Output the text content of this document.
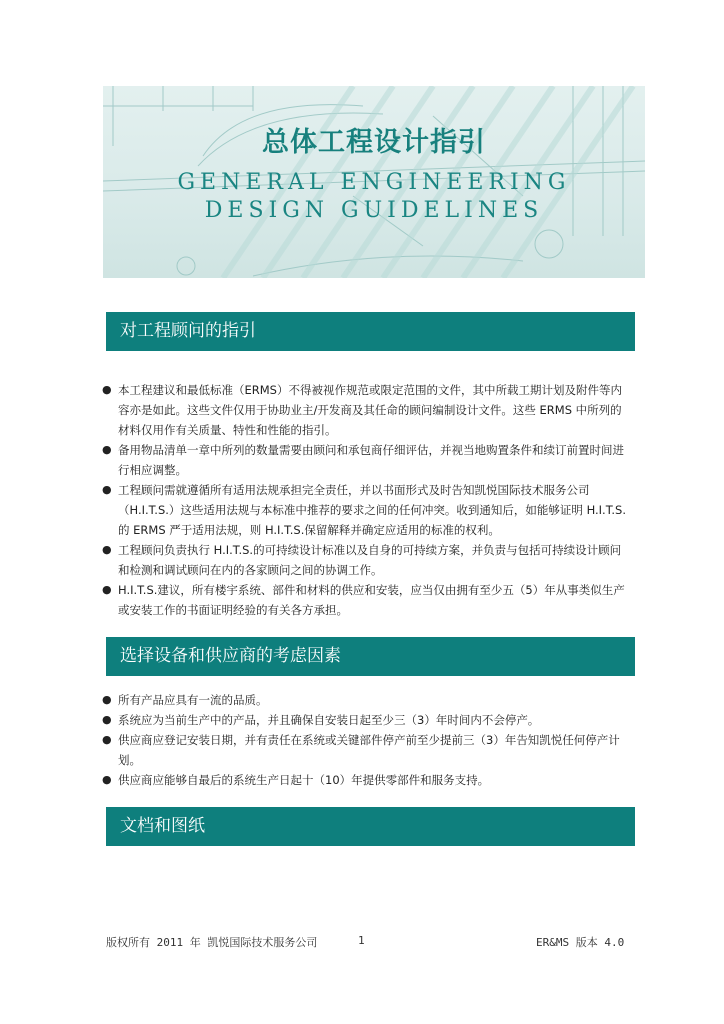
总体工程设计指引
GENERAL ENGINEERING
DESIGN GUIDELINES
对工程顾问的指引
● 本工程建议和最低标准（ERMS）不得被视作规范或限定范围的文件，其中所载工期计划及附件等内容亦是如此。这些文件仅用于协助业主/开发商及其任命的顾问编制设计文件。这些 ERMS 中所列的材料仅用作有关质量、特性和性能的指引。
● 备用物品清单一章中所列的数量需要由顾问和承包商仔细评估，并视当地购置条件和续订前置时间进行相应调整。
● 工程顾问需就遵循所有适用法规承担完全责任，并以书面形式及时告知凯悦国际技术服务公司（H.I.T.S.）这些适用法规与本标准中推荐的要求之间的任何冲突。收到通知后，如能够证明 H.I.T.S.的 ERMS 严于适用法规，则 H.I.T.S.保留解释并确定应适用的标准的权利。
● 工程顾问负责执行 H.I.T.S.的可持续设计标准以及自身的可持续方案，并负责与包括可持续设计顾问和检测和调试顾问在内的各家顾问之间的协调工作。
● H.I.T.S.建议，所有楼宇系统、部件和材料的供应和安装，应当仅由拥有至少五（5）年从事类似生产或安装工作的书面证明经验的有关各方承担。
选择设备和供应商的考虑因素
● 所有产品应具有一流的品质。
● 系统应为当前生产中的产品，并且确保自安装日起至少三（3）年时间内不会停产。
● 供应商应登记安装日期，并有责任在系统或关键部件停产前至少提前三（3）年告知凯悦任何停产计划。
● 供应商应能够自最后的系统生产日起十（10）年提供零部件和服务支持。
文档和图纸
版权所有 2011 年 凯悦国际技术服务公司	1	ER&MS 版本 4.0
